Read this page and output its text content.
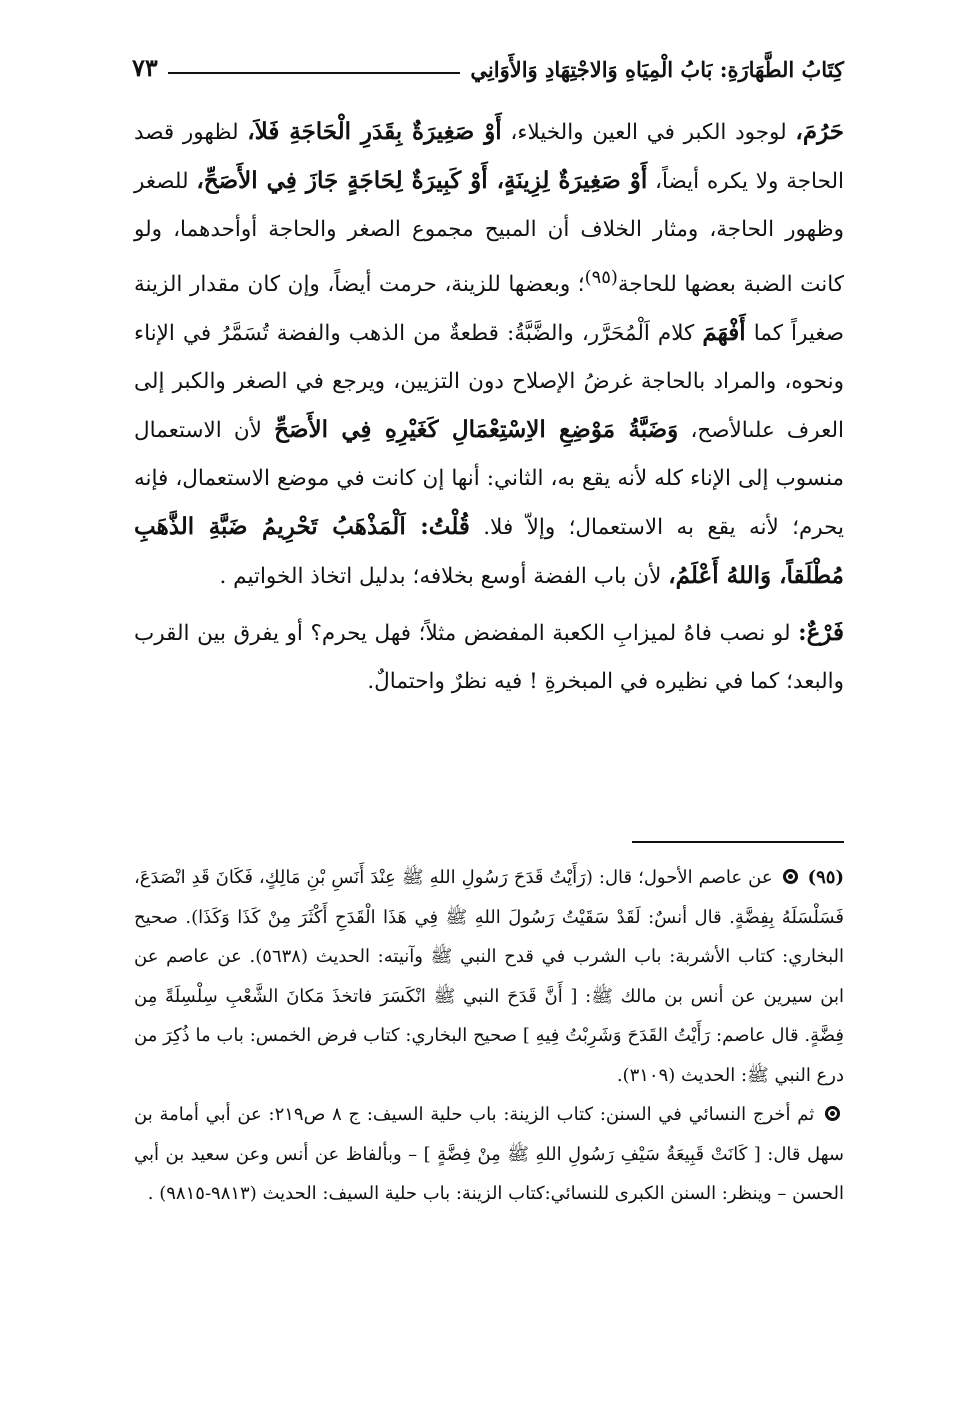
كِتَابُ الطَّهَارَةِ: بَابُ الْمِيَاهِ وَالاجْتِهَادِ وَالأَوَانِي
٧٣

حَرُمَ، لوجود الكبر في العين والخيلاء، أَوْ صَغِيرَةٌ بِقَدَرِ الْحَاجَةِ فَلاَ، لظهور قصد الحاجة ولا يكره أيضاً، أَوْ صَغِيرَةٌ لِزِينَةٍ، أَوْ كَبِيرَةٌ لِحَاجَةٍ جَازَ فِي الأَصَحِّ، للصغر وظهور الحاجة، ومثار الخلاف أن المبيح مجموع الصغر والحاجة أوأحدهما، ولو كانت الضبة بعضها للحاجة$^{(٩٥)}$؛ وبعضها للزينة، حرمت أيضاً، وإن كان مقدار الزينة صغيراً كما أَفْهَمَ كلام اَلْمُحَرَّر، والضَّبَّةُ: قطعةٌ من الذهب والفضة تُسَمَّرُ في الإناء ونحوه، والمراد بالحاجة غرضُ الإصلاح دون التزيين، ويرجع في الصغر والكبر إلى العرف علىالأصح، وَضَبَّةُ مَوْضِعِ الاِسْتِعْمَالِ كَغَيْرِهِ فِي الأَصَحِّ لأن الاستعمال منسوب إلى الإناء كله لأنه يقع به، الثاني: أنها إن كانت في موضع الاستعمال، فإنه يحرم؛ لأنه يقع به الاستعمال؛ وإلاّ فلا. قُلْتُ: اَلْمَذْهَبُ تَحْرِيمُ ضَبَّةِ الذَّهَبِ مُطْلَقاً، وَاللهُ أَعْلَمُ، لأن باب الفضة أوسع بخلافه؛ بدليل اتخاذ الخواتيم .

فَرْعٌ: لو نصب فاهُ لميزابِ الكعبة المفضض مثلاً؛ فهل يحرم؟ أو يفرق بين القرب والبعد؛ كما في نظيره في المبخرةِ ! فيه نظرٌ واحتمالٌ.

(٩٥)  عن عاصم الأحول؛ قال: (رَأَيْتُ قَدَحَ رَسُولِ اللهِ ﷺ عِنْدَ أَنَسِ بْنِ مَالِكٍ، فَكَانَ قَدِ انْصَدَعَ، فَسَلْسَلَهُ بِفِضَّةٍ. قال أنسٌ: لَقَدْ سَقَيْتُ رَسُولَ اللهِ ﷺ فِي هَذَا الْقَدَحِ أَكْثَرَ مِنْ كَذَا وَكَذَا). صحيح البخاري: كتاب الأشربة: باب الشرب في قدح النبي ﷺ وآنيته: الحديث (٥٦٣٨). عن عاصم عن ابن سيرين عن أنس بن مالك ﷺ: [ أَنَّ قَدَحَ النبي ﷺ انْكَسَرَ فاتخذَ مَكانَ الشَّعْبِ سِلْسِلَةً مِن فِضَّةٍ. قال عاصم: رَأَيْتُ القَدَحَ وَشَرِبْتُ فِيهِ ] صحيح البخاري: كتاب فرض الخمس: باب ما ذُكِرَ من درع النبي ﷺ: الحديث (٣١٠٩).

ثم أخرج النسائي في السنن: كتاب الزينة: باب حلية السيف: ج ٨ ص٢١٩: عن أبي أمامة بن سهل قال: [ كَانَتْ قَبِيعَةُ سَيْفِ رَسُولِ اللهِ ﷺ مِنْ فِضَّةٍ ] – وبألفاظ عن أنس وعن سعيد بن أبي الحسن – وينظر: السنن الكبرى للنسائي:كتاب الزينة: باب حلية السيف: الحديث (٩٨١٣-٩٨١٥) .
